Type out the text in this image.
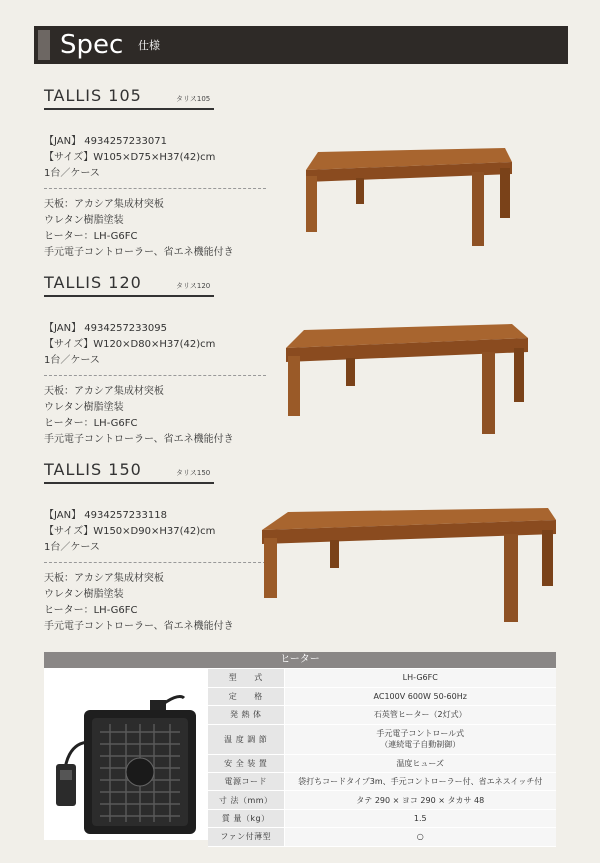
Spec 仕様
TALLIS 105	タリス105
【JAN】 4934257233071
【サイズ】W105×D75×H37(42)cm
1台／ケース
天板：アカシア集成材突板
ウレタン樹脂塗装
ヒーター：LH-G6FC
手元電子コントローラー、省エネ機能付き
TALLIS 120	タリス120
【JAN】 4934257233095
【サイズ】W120×D80×H37(42)cm
1台／ケース
天板：アカシア集成材突板
ウレタン樹脂塗装
ヒーター：LH-G6FC
手元電子コントローラー、省エネ機能付き
TALLIS 150	タリス150
【JAN】 4934257233118
【サイズ】W150×D90×H37(42)cm
1台／ケース
天板：アカシア集成材突板
ウレタン樹脂塗装
ヒーター：LH-G6FC
手元電子コントローラー、省エネ機能付き
ヒーター
型　　式	LH-G6FC
定　　格	AC100V 600W 50-60Hz
発 熱 体	石英管ヒーター（2灯式）
温 度 調 節	手元電子コントロール式
（連続電子自動制御）

安 全 装 置	温度ヒューズ
電源コード	袋打ちコードタイプ3m、手元コントローラー付、省エネスイッチ付
寸 法（mm）	タテ 290 × ヨコ 290 × タカサ 48
質 量（kg）	1.5
ファン付薄型	○
